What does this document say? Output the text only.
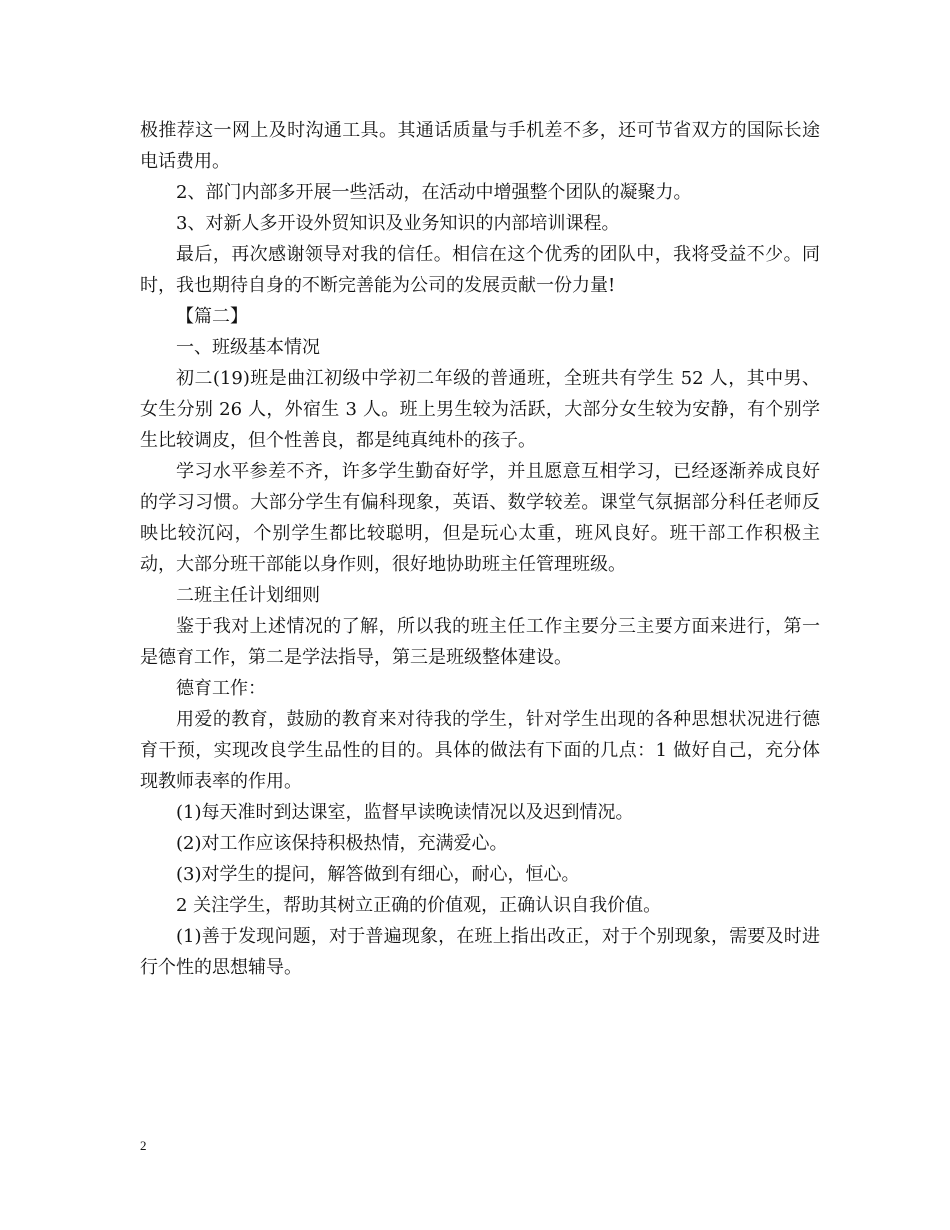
极推荐这一网上及时沟通工具。其通话质量与手机差不多，还可节省双方的国际长途电话费用。

2、部门内部多开展一些活动，在活动中增强整个团队的凝聚力。

3、对新人多开设外贸知识及业务知识的内部培训课程。

最后，再次感谢领导对我的信任。相信在这个优秀的团队中，我将受益不少。同时，我也期待自身的不断完善能为公司的发展贡献一份力量!

【篇二】

一、班级基本情况

初二(19)班是曲江初级中学初二年级的普通班，全班共有学生 52 人，其中男、女生分别 26 人，外宿生 3 人。班上男生较为活跃，大部分女生较为安静，有个别学生比较调皮，但个性善良，都是纯真纯朴的孩子。

学习水平参差不齐，许多学生勤奋好学，并且愿意互相学习，已经逐渐养成良好的学习习惯。大部分学生有偏科现象，英语、数学较差。课堂气氛据部分科任老师反映比较沉闷，个别学生都比较聪明，但是玩心太重，班风良好。班干部工作积极主动，大部分班干部能以身作则，很好地协助班主任管理班级。

二班主任计划细则

鉴于我对上述情况的了解，所以我的班主任工作主要分三主要方面来进行，第一是德育工作，第二是学法指导，第三是班级整体建设。

德育工作：

用爱的教育，鼓励的教育来对待我的学生，针对学生出现的各种思想状况进行德育干预，实现改良学生品性的目的。具体的做法有下面的几点：1 做好自己，充分体现教师表率的作用。

(1)每天准时到达课室，监督早读晚读情况以及迟到情况。

(2)对工作应该保持积极热情，充满爱心。

(3)对学生的提问，解答做到有细心，耐心，恒心。

2 关注学生，帮助其树立正确的价值观，正确认识自我价值。

(1)善于发现问题，对于普遍现象，在班上指出改正，对于个别现象，需要及时进行个性的思想辅导。

2
